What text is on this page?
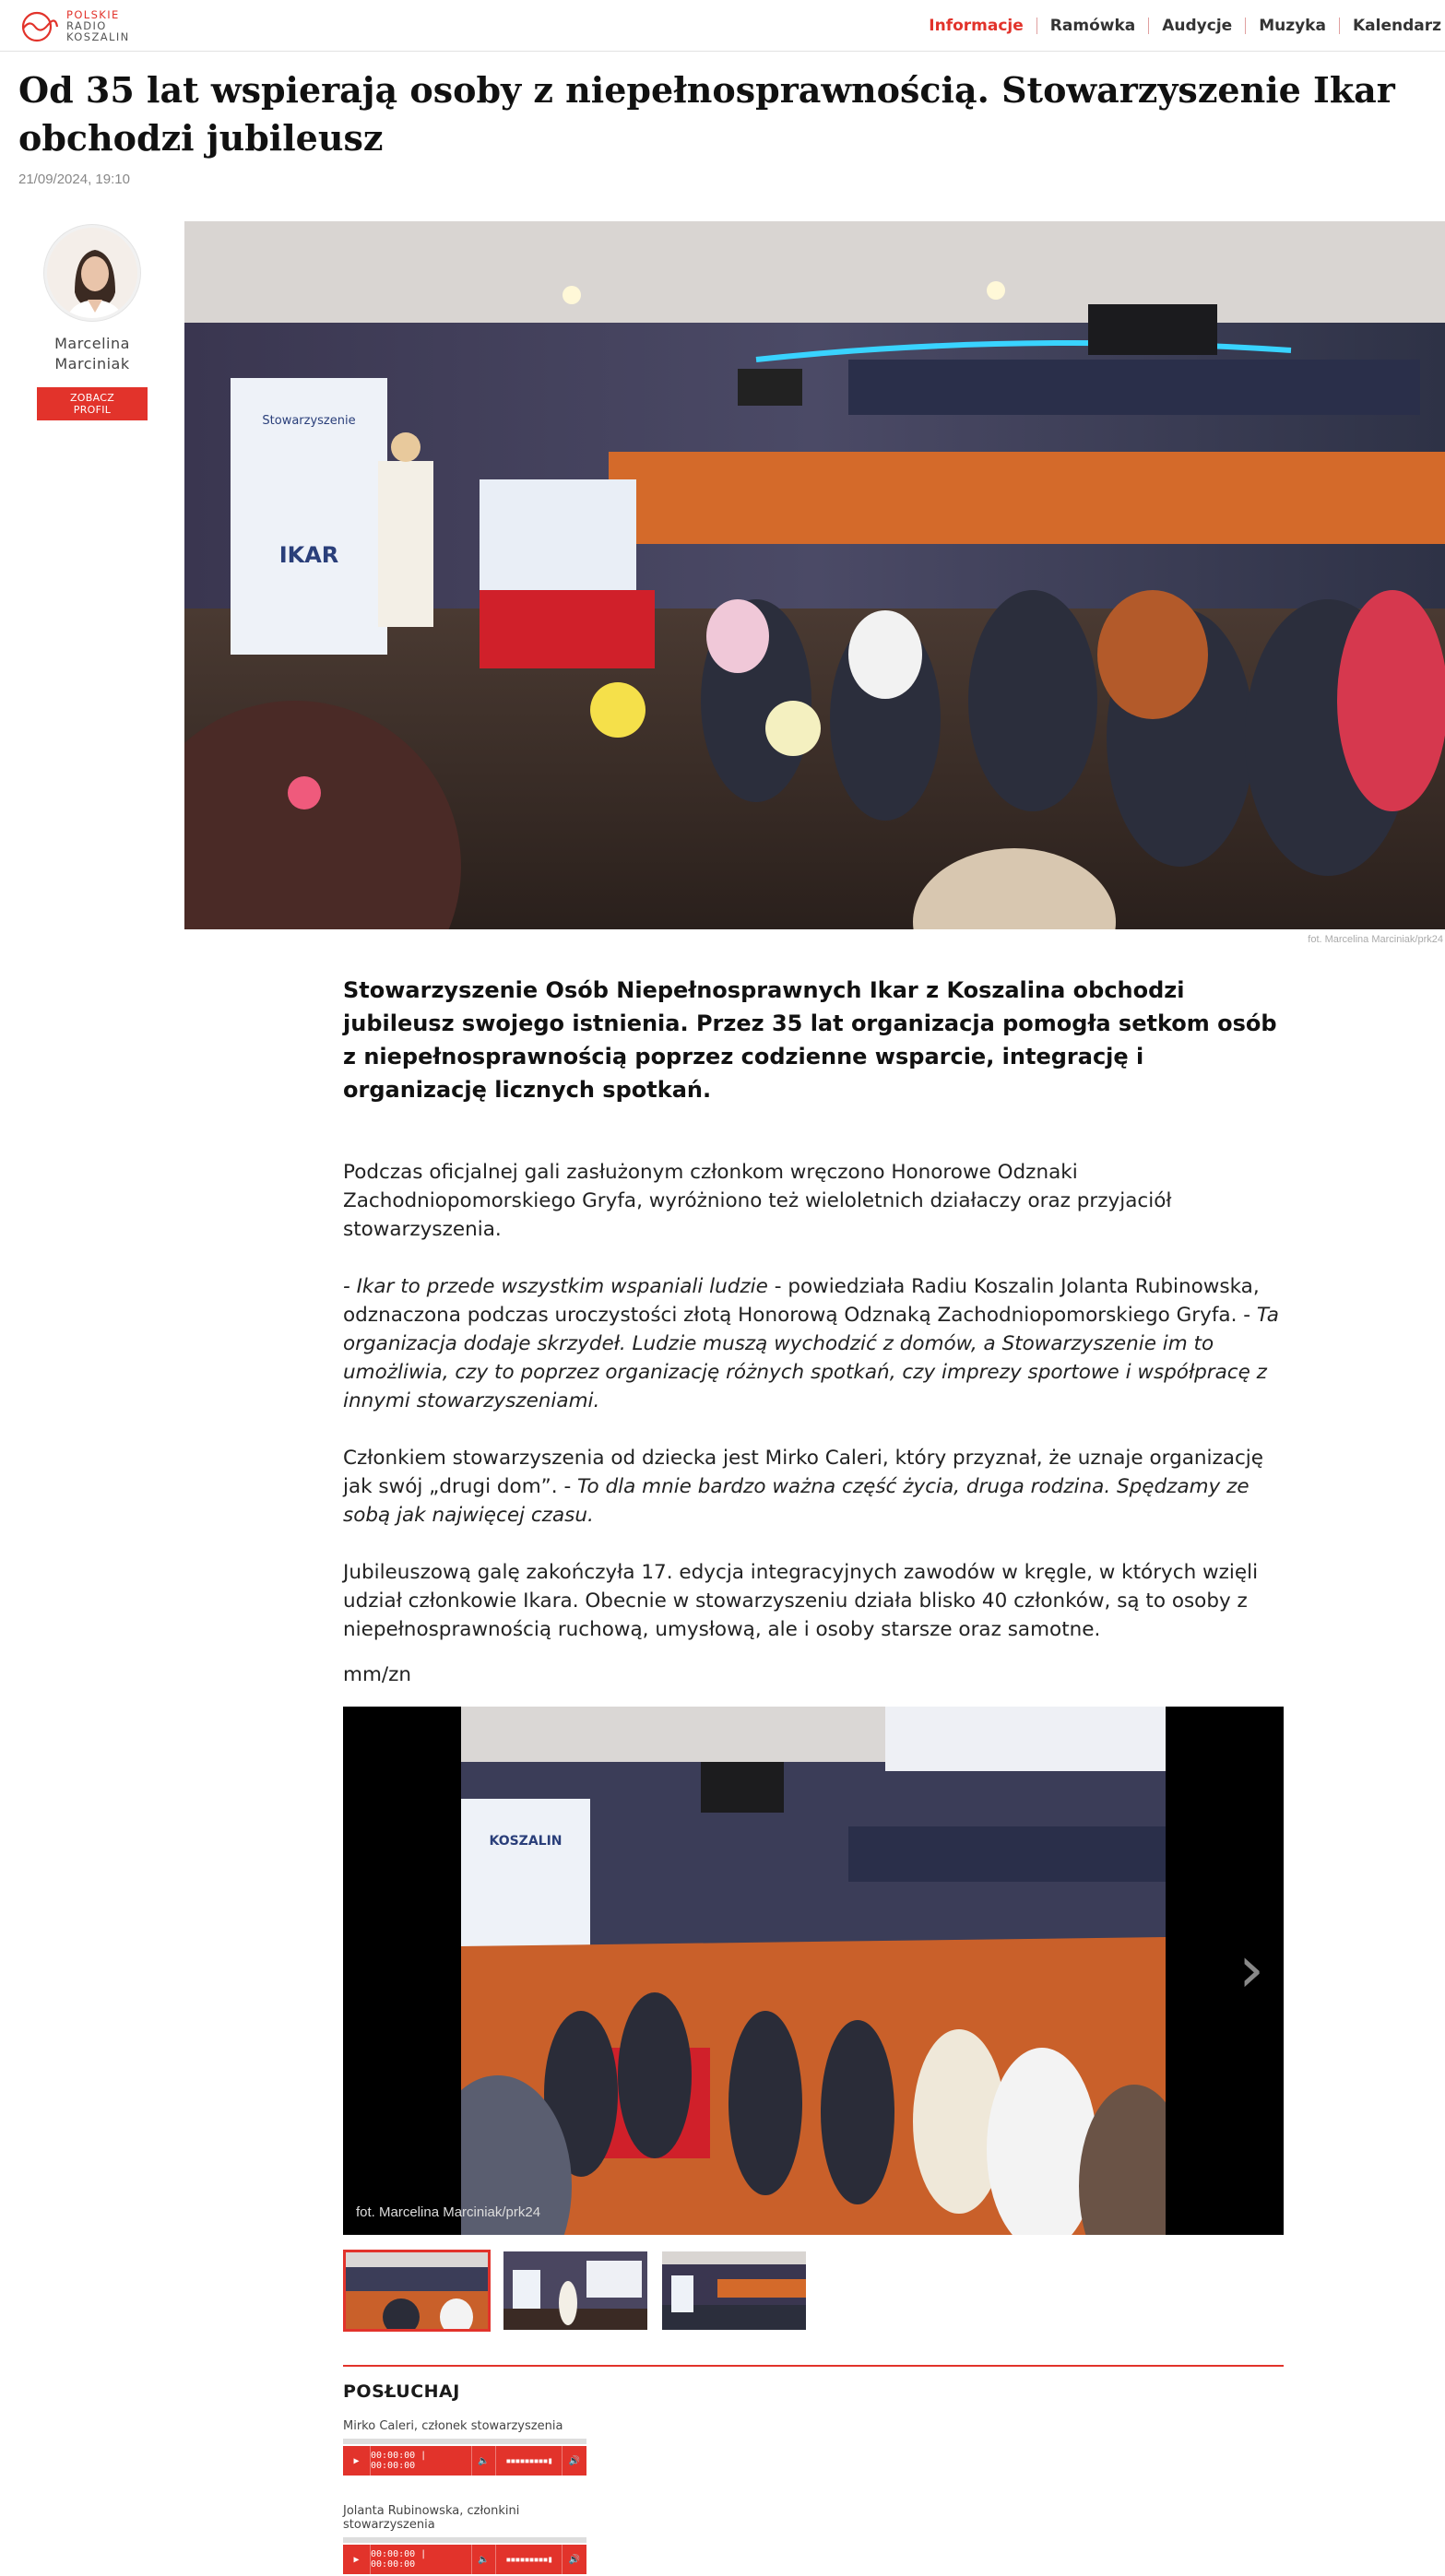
POLSKIE
RADIO
KOSZALIN
Informacje	Ramówka	Audycje	Muzyka	Kalendarz
Od 35 lat wspierają osoby z niepełnosprawnością. Stowarzyszenie Ikar obchodzi jubileusz
21/09/2024, 19:10
Marcelina
Marciniak
ZOBACZ PROFIL
Stowarzyszenie
IKAR
fot. Marcelina Marciniak/prk24

Stowarzyszenie Osób Niepełnosprawnych Ikar z Koszalina obchodzi jubileusz swojego istnienia. Przez 35 lat organizacja pomogła setkom osób z niepełnosprawnością poprzez codzienne wsparcie, integrację i organizację licznych spotkań.

Podczas oficjalnej gali zasłużonym członkom wręczono Honorowe Odznaki Zachodniopomorskiego Gryfa, wyróżniono też wieloletnich działaczy oraz przyjaciół stowarzyszenia.

- Ikar to przede wszystkim wspaniali ludzie - powiedziała Radiu Koszalin Jolanta Rubinowska, odznaczona podczas uroczystości złotą Honorową Odznaką Zachodniopomorskiego Gryfa. - Ta organizacja dodaje skrzydeł. Ludzie muszą wychodzić z domów, a Stowarzyszenie im to umożliwia, czy to poprzez organizację różnych spotkań, czy imprezy sportowe i współpracę z innymi stowarzyszeniami.

Członkiem stowarzyszenia od dziecka jest Mirko Caleri, który przyznał, że uznaje organizację jak swój „drugi dom”. - To dla mnie bardzo ważna część życia, druga rodzina. Spędzamy ze sobą jak najwięcej czasu.

Jubileuszową galę zakończyła 17. edycja integracyjnych zawodów w kręgle, w których wzięli udział członkowie Ikara. Obecnie w stowarzyszeniu działa blisko 40 członków, są to osoby z niepełnosprawnością ruchową, umysłową, ale i osoby starsze oraz samotne.

mm/zn

KOSZALIN
fot. Marcelina Marciniak/prk24
›
POSŁUCHAJ
Mirko Caleri, członek stowarzyszenia
▶	00:00:00 | 00:00:00	🔈	▪▪▪▪▪▪▪▪▪▮	🔊
Jolanta Rubinowska, członkini stowarzyszenia
▶	00:00:00 | 00:00:00	🔈	▪▪▪▪▪▪▪▪▪▮	🔊
